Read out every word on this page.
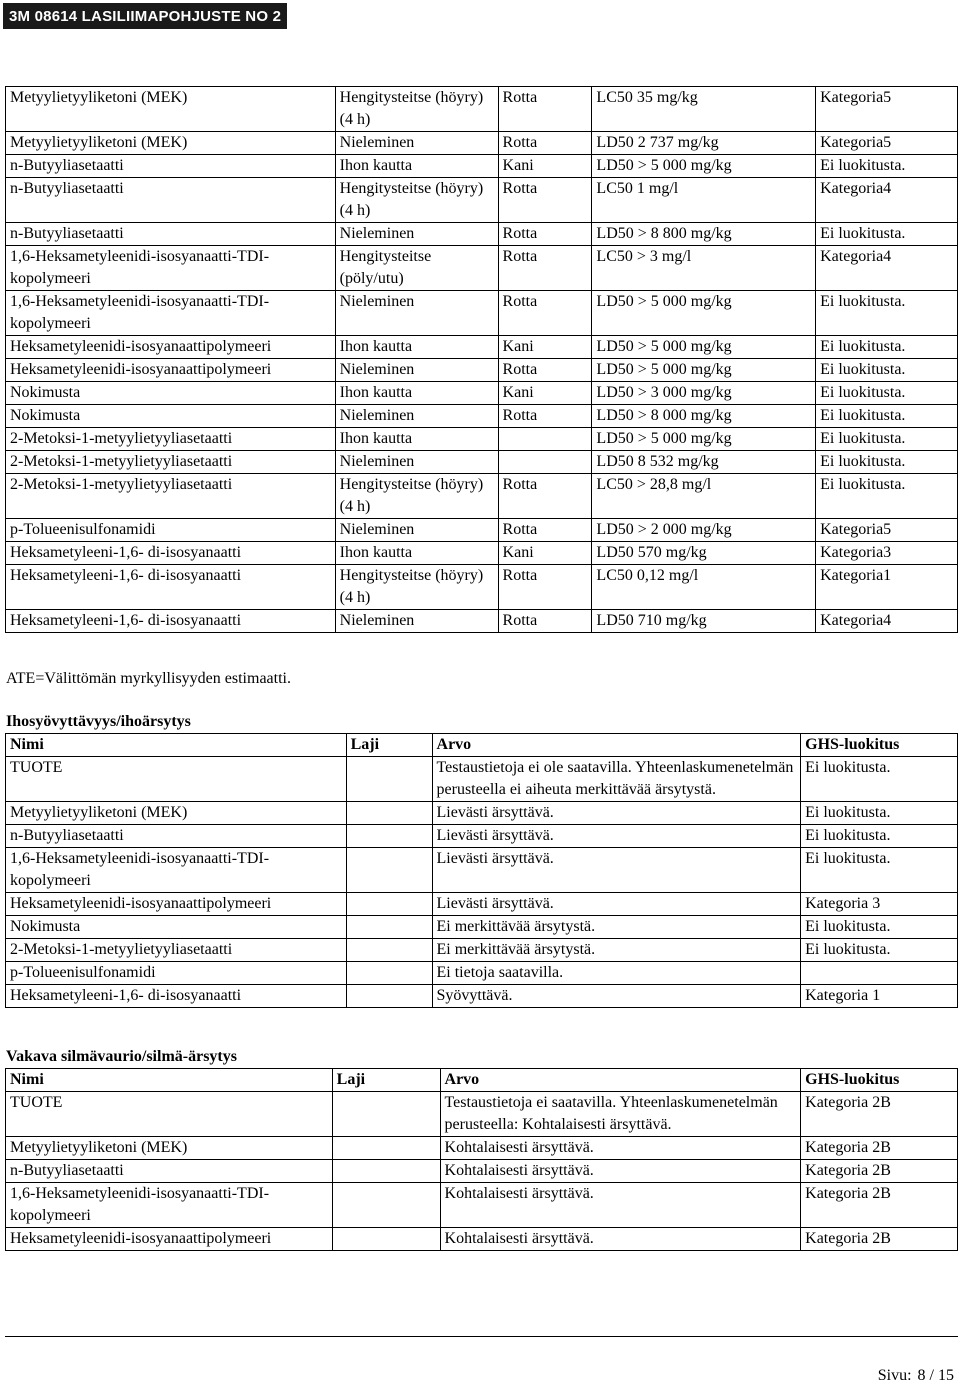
3M 08614 LASILIIMAPOHJUSTE NO 2
Metyylietyyliketoni (MEK)	Hengitysteitse (höyry) (4 h)	Rotta	LC50 35 mg/kg	Kategoria5
Metyylietyyliketoni (MEK)	Nieleminen	Rotta	LD50 2 737 mg/kg	Kategoria5
n-Butyyliasetaatti	Ihon kautta	Kani	LD50 > 5 000 mg/kg	Ei luokitusta.
n-Butyyliasetaatti	Hengitysteitse (höyry) (4 h)	Rotta	LC50 1 mg/l	Kategoria4
n-Butyyliasetaatti	Nieleminen	Rotta	LD50 > 8 800 mg/kg	Ei luokitusta.
1,6-Heksametyleenidi-isosyanaatti-TDI-kopolymeeri	Hengitysteitse (pöly/utu)	Rotta	LC50 > 3 mg/l	Kategoria4
1,6-Heksametyleenidi-isosyanaatti-TDI-kopolymeeri	Nieleminen	Rotta	LD50 > 5 000 mg/kg	Ei luokitusta.
Heksametyleenidi-isosyanaattipolymeeri	Ihon kautta	Kani	LD50 > 5 000 mg/kg	Ei luokitusta.
Heksametyleenidi-isosyanaattipolymeeri	Nieleminen	Rotta	LD50 > 5 000 mg/kg	Ei luokitusta.
Nokimusta	Ihon kautta	Kani	LD50 > 3 000 mg/kg	Ei luokitusta.
Nokimusta	Nieleminen	Rotta	LD50 > 8 000 mg/kg	Ei luokitusta.
2-Metoksi-1-metyylietyyliasetaatti	Ihon kautta		LD50 > 5 000 mg/kg	Ei luokitusta.
2-Metoksi-1-metyylietyyliasetaatti	Nieleminen		LD50 8 532 mg/kg	Ei luokitusta.
2-Metoksi-1-metyylietyyliasetaatti	Hengitysteitse (höyry) (4 h)	Rotta	LC50 > 28,8 mg/l	Ei luokitusta.
p-Tolueenisulfonamidi	Nieleminen	Rotta	LD50 > 2 000 mg/kg	Kategoria5
Heksametyleeni-1,6- di-isosyanaatti	Ihon kautta	Kani	LD50 570 mg/kg	Kategoria3
Heksametyleeni-1,6- di-isosyanaatti	Hengitysteitse (höyry) (4 h)	Rotta	LC50 0,12 mg/l	Kategoria1
Heksametyleeni-1,6- di-isosyanaatti	Nieleminen	Rotta	LD50 710 mg/kg	Kategoria4
ATE=Välittömän myrkyllisyyden estimaatti.
Ihosyövyttävyys/ihoärsytys
Nimi	Laji	Arvo	GHS-luokitus
TUOTE		Testaustietoja ei ole saatavilla. Yhteenlaskumenetelmän perusteella ei aiheuta merkittävää ärsytystä.	Ei luokitusta.
Metyylietyyliketoni (MEK)		Lievästi ärsyttävä.	Ei luokitusta.
n-Butyyliasetaatti		Lievästi ärsyttävä.	Ei luokitusta.
1,6-Heksametyleenidi-isosyanaatti-TDI-kopolymeeri		Lievästi ärsyttävä.	Ei luokitusta.
Heksametyleenidi-isosyanaattipolymeeri		Lievästi ärsyttävä.	Kategoria 3
Nokimusta		Ei merkittävää ärsytystä.	Ei luokitusta.
2-Metoksi-1-metyylietyyliasetaatti		Ei merkittävää ärsytystä.	Ei luokitusta.
p-Tolueenisulfonamidi		Ei tietoja saatavilla.	
Heksametyleeni-1,6- di-isosyanaatti		Syövyttävä.	Kategoria 1
Vakava silmävaurio/silmä-ärsytys
Nimi	Laji	Arvo	GHS-luokitus
TUOTE		Testaustietoja ei saatavilla. Yhteenlaskumenetelmän perusteella: Kohtalaisesti ärsyttävä.	Kategoria 2B
Metyylietyyliketoni (MEK)		Kohtalaisesti ärsyttävä.	Kategoria 2B
n-Butyyliasetaatti		Kohtalaisesti ärsyttävä.	Kategoria 2B
1,6-Heksametyleenidi-isosyanaatti-TDI-kopolymeeri		Kohtalaisesti ärsyttävä.	Kategoria 2B
Heksametyleenidi-isosyanaattipolymeeri		Kohtalaisesti ärsyttävä.	Kategoria 2B
Sivu: 8 / 15
